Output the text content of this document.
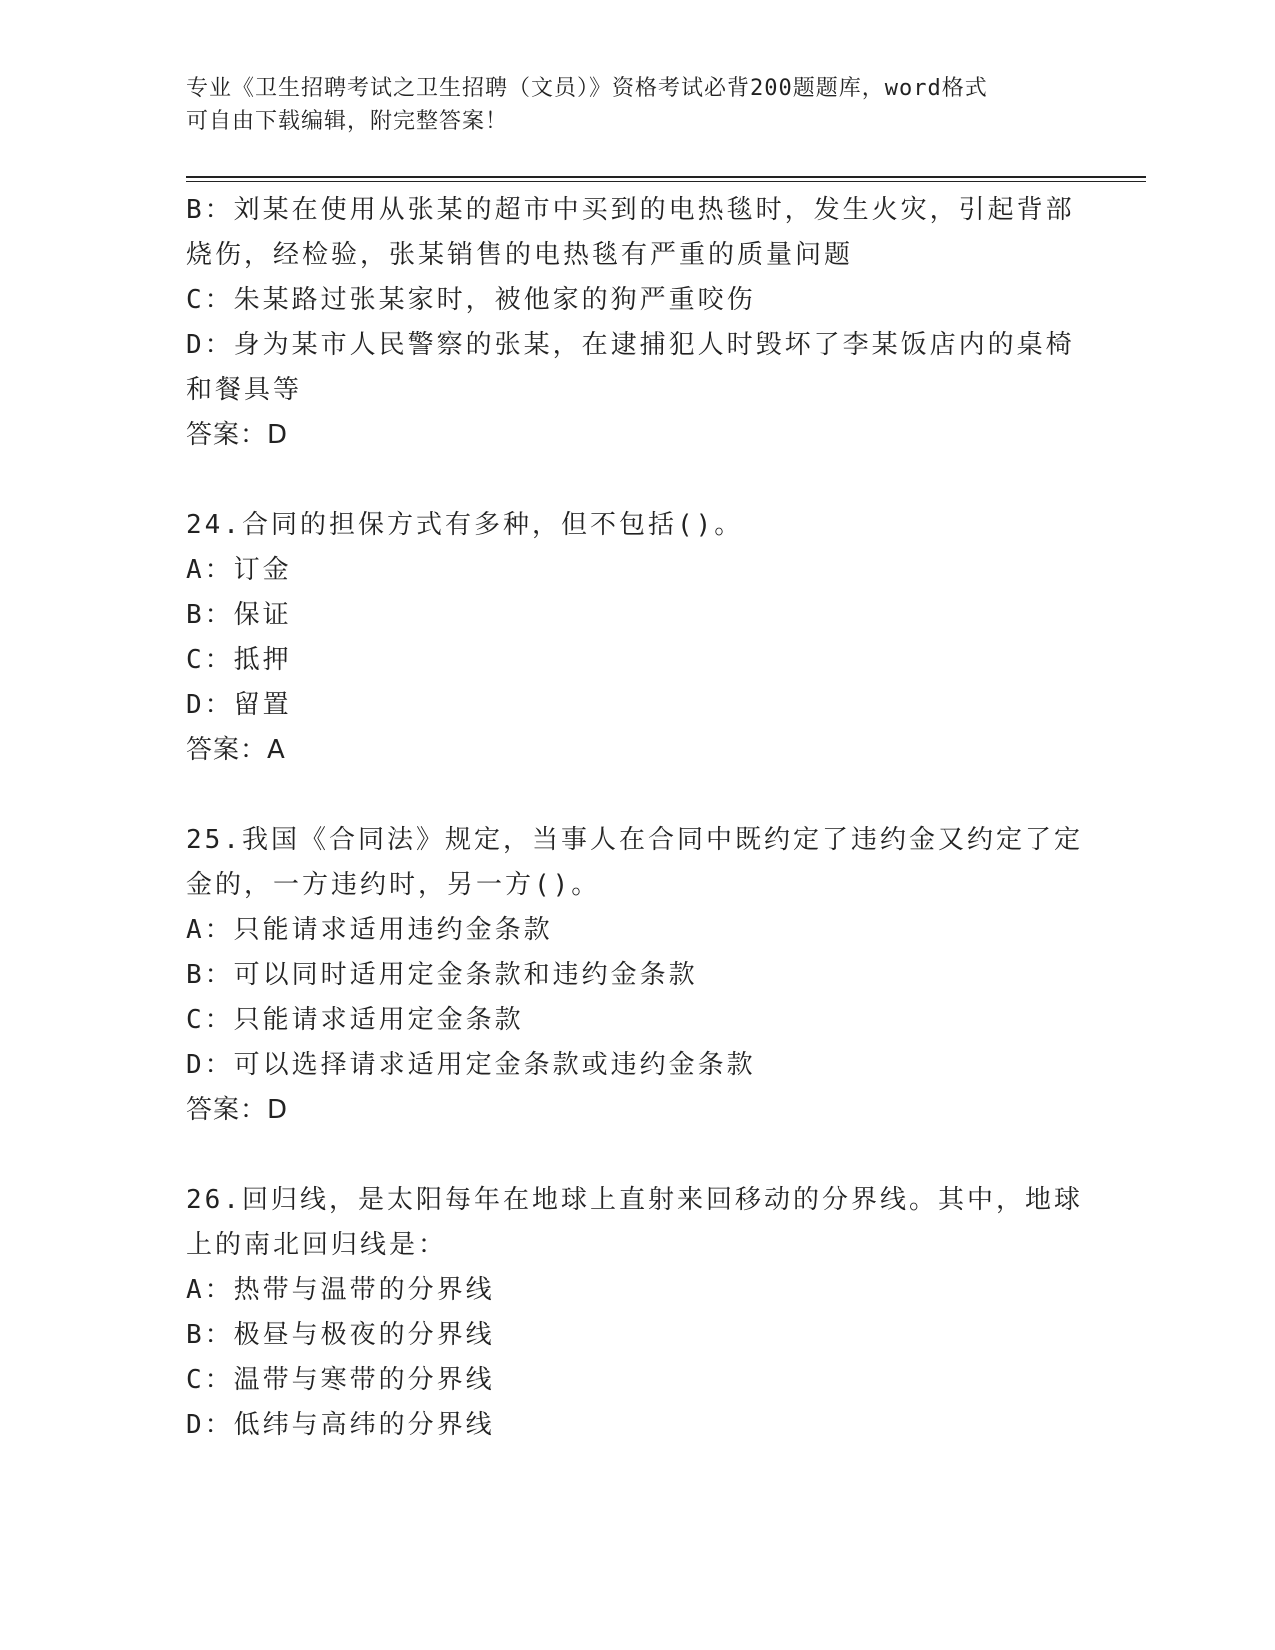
专业《卫生招聘考试之卫生招聘（文员）》资格考试必背200题题库，word格式
可自由下载编辑，附完整答案！
B：刘某在使用从张某的超市中买到的电热毯时，发生火灾，引起背部
烧伤，经检验，张某销售的电热毯有严重的质量问题
C：朱某路过张某家时，被他家的狗严重咬伤
D：身为某市人民警察的张某，在逮捕犯人时毁坏了李某饭店内的桌椅
和餐具等
答案：D
24.合同的担保方式有多种，但不包括()。
A：订金
B：保证
C：抵押
D：留置
答案：A
25.我国《合同法》规定，当事人在合同中既约定了违约金又约定了定
金的，一方违约时，另一方()。
A：只能请求适用违约金条款
B：可以同时适用定金条款和违约金条款
C：只能请求适用定金条款
D：可以选择请求适用定金条款或违约金条款
答案：D
26.回归线，是太阳每年在地球上直射来回移动的分界线。其中，地球
上的南北回归线是：
A：热带与温带的分界线
B：极昼与极夜的分界线
C：温带与寒带的分界线
D：低纬与高纬的分界线
